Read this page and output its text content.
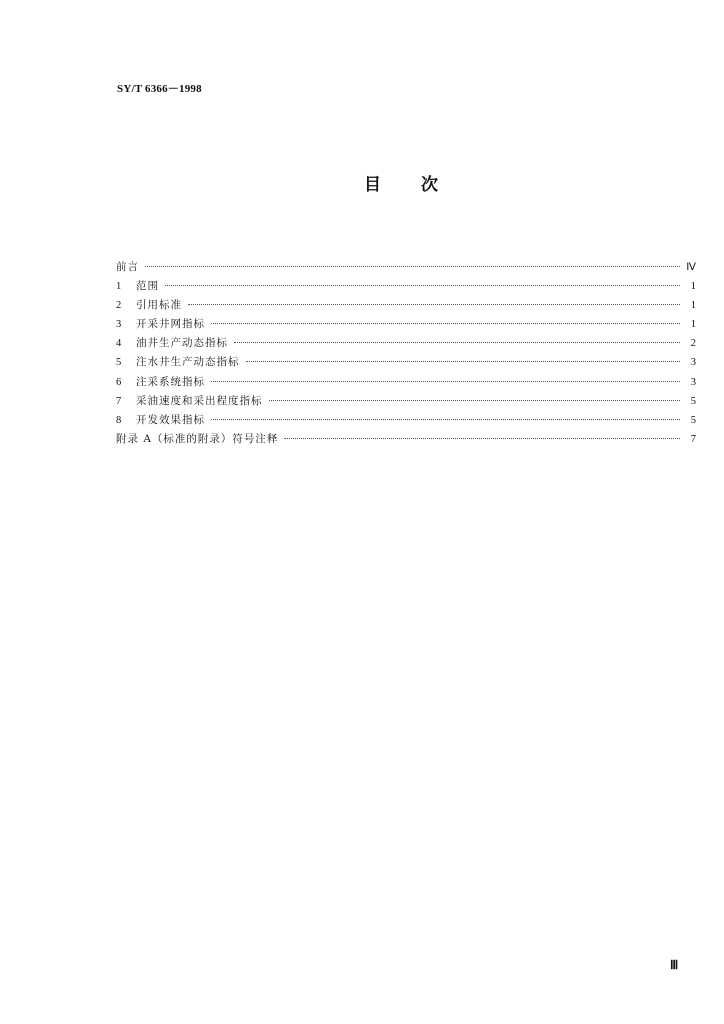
SY/T 6366－1998
目次
前言	Ⅳ
1	范围	1
2	引用标准	1
3	开采井网指标	1
4	油井生产动态指标	2
5	注水井生产动态指标	3
6	注采系统指标	3
7	采油速度和采出程度指标	5
8	开发效果指标	5
附录 A（标准的附录）符号注释	7
Ⅲ
